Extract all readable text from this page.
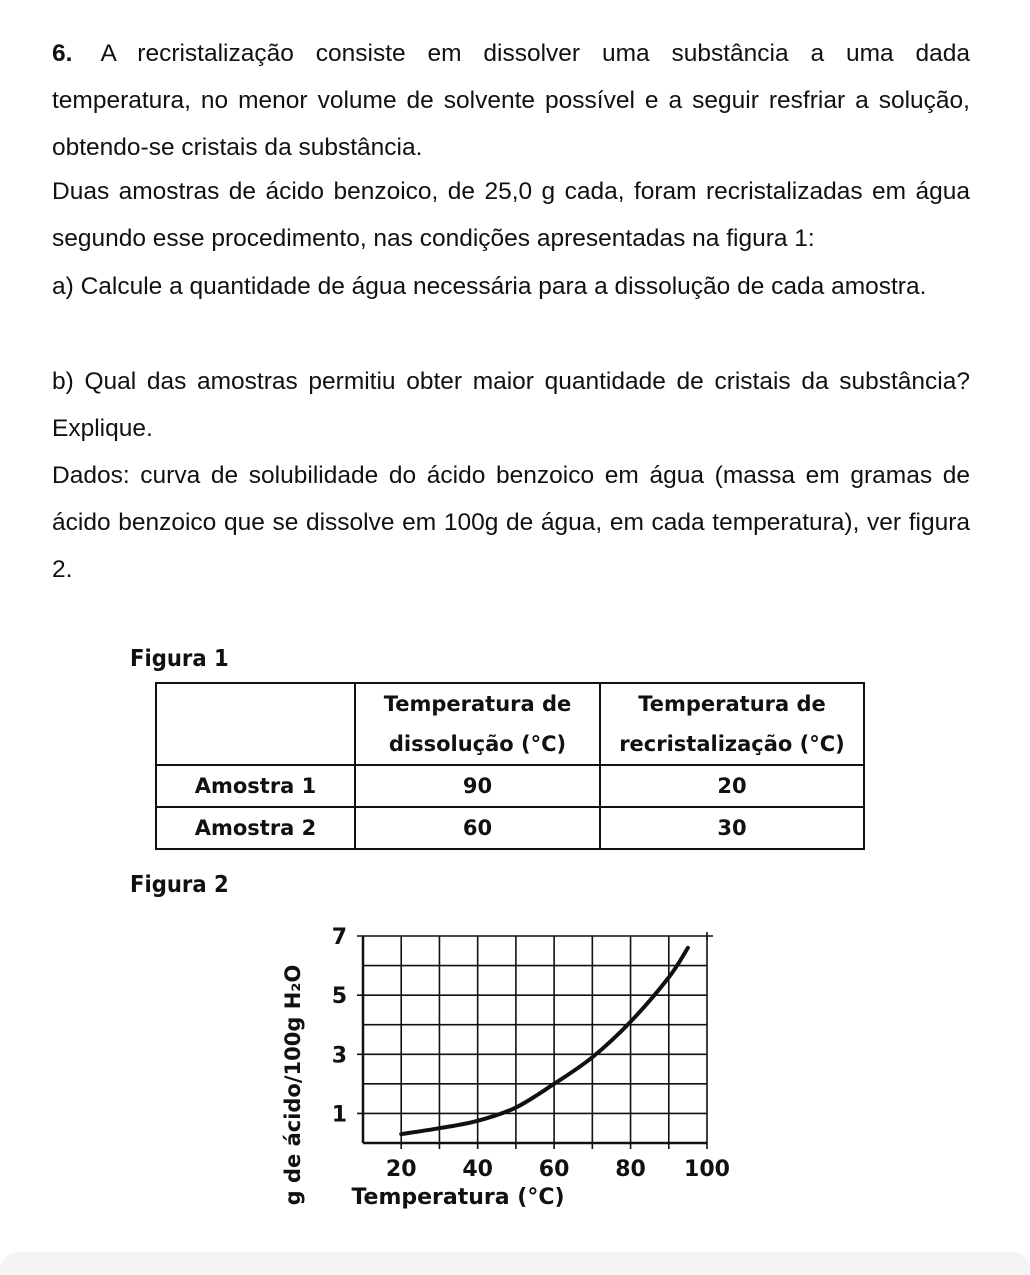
6. A recristalização consiste em dissolver uma substância a uma dada temperatura, no menor volume de solvente possível e a seguir resfriar a solução, obtendo-se cristais da substância.

Duas amostras de ácido benzoico, de 25,0 g cada, foram recristalizadas em água segundo esse procedimento, nas condições apresentadas na figura 1:

a) Calcule a quantidade de água necessária para a dissolução de cada amostra.

b) Qual das amostras permitiu obter maior quantidade de cristais da substância? Explique.

Dados: curva de solubilidade do ácido benzoico em água (massa em gramas de ácido benzoico que se dissolve em 100g de água, em cada temperatura), ver figura 2.

Figura 1
	Temperatura de
dissolução (°C)	Temperatura de
recristalização (°C)
Amostra 1	90	20
Amostra 2	60	30
Figura 2
20 40 60 80 100
1
3
5
7
Temperatura (°C)
g de ácido/100g H₂O
